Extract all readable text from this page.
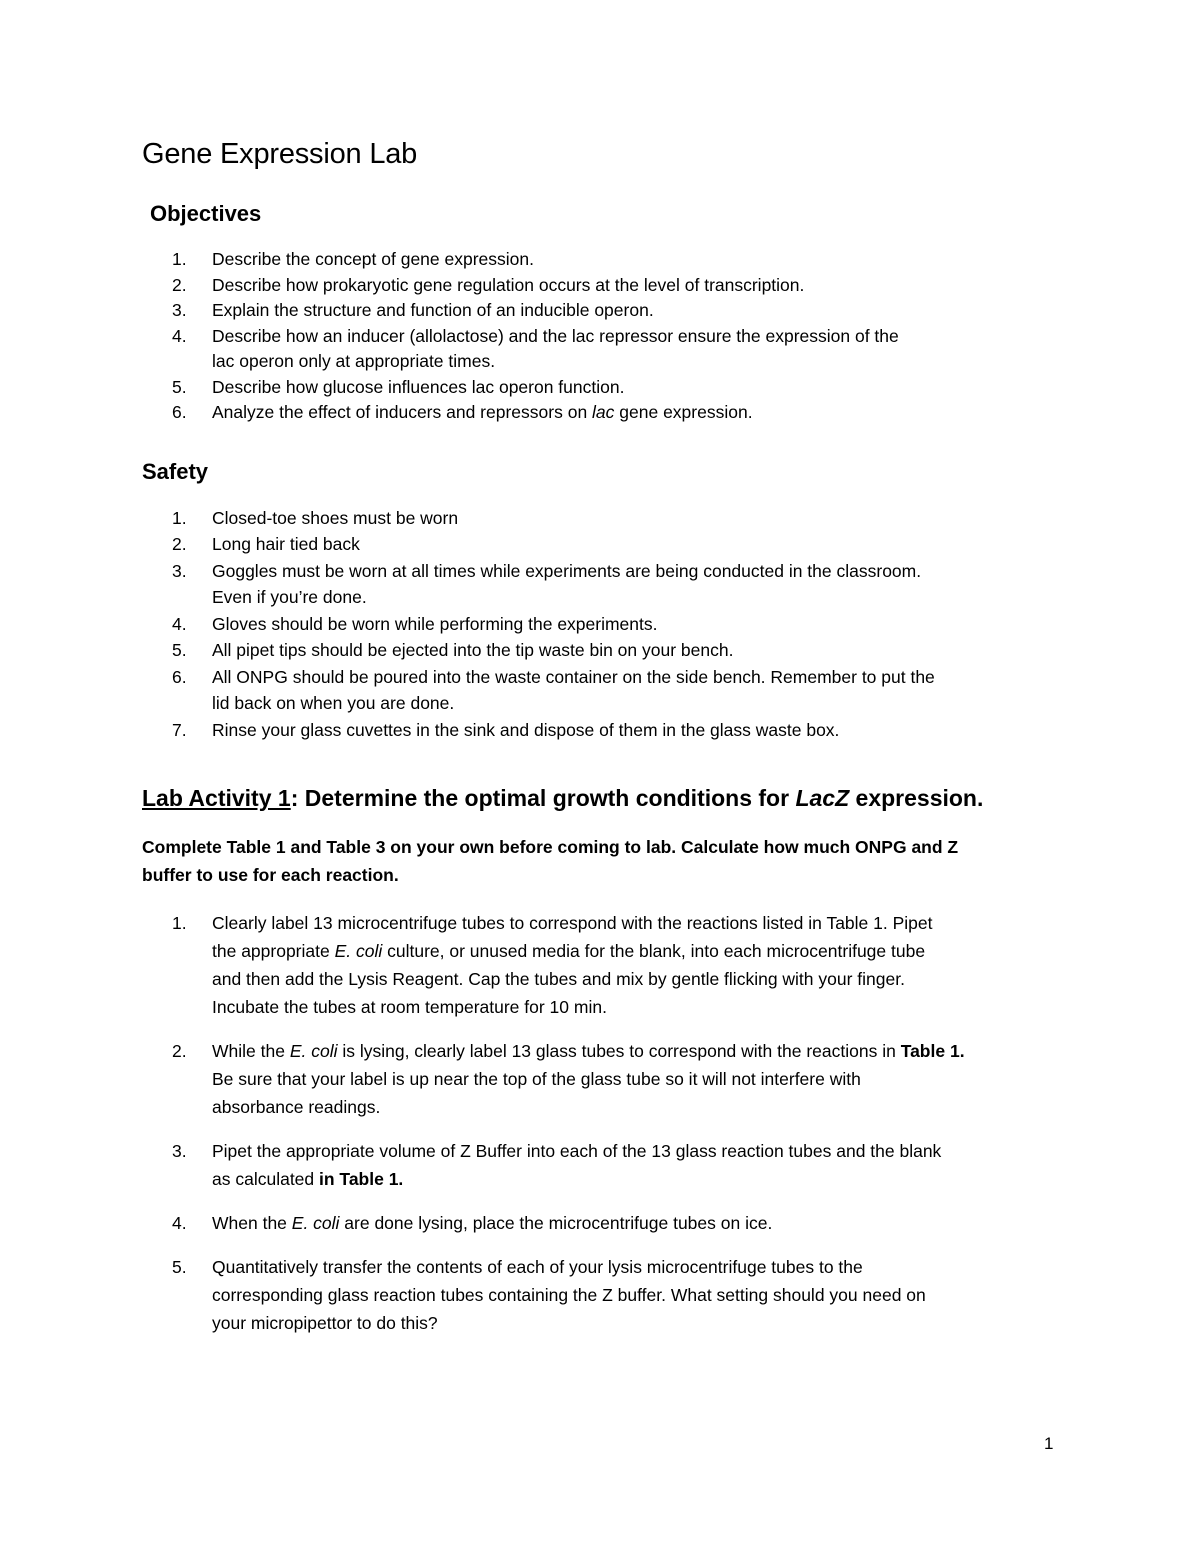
Gene Expression Lab
Objectives
1. Describe the concept of gene expression.
2. Describe how prokaryotic gene regulation occurs at the level of transcription.
3. Explain the structure and function of an inducible operon.
4. Describe how an inducer (allolactose) and the lac repressor ensure the expression of the
lac operon only at appropriate times.
5. Describe how glucose influences lac operon function.
6. Analyze the effect of inducers and repressors on lac gene expression.
Safety
1. Closed-toe shoes must be worn
2. Long hair tied back
3. Goggles must be worn at all times while experiments are being conducted in the classroom.
Even if you’re done.
4. Gloves should be worn while performing the experiments.
5. All pipet tips should be ejected into the tip waste bin on your bench.
6. All ONPG should be poured into the waste container on the side bench. Remember to put the
lid back on when you are done.
7. Rinse your glass cuvettes in the sink and dispose of them in the glass waste box.
Lab Activity 1: Determine the optimal growth conditions for LacZ expression.

Complete Table 1 and Table 3 on your own before coming to lab. Calculate how much ONPG and Z
buffer to use for each reaction.

1. Clearly label 13 microcentrifuge tubes to correspond with the reactions listed in Table 1. Pipet
the appropriate E. coli culture, or unused media for the blank, into each microcentrifuge tube
and then add the Lysis Reagent. Cap the tubes and mix by gentle flicking with your finger.
Incubate the tubes at room temperature for 10 min.
2. While the E. coli is lysing, clearly label 13 glass tubes to correspond with the reactions in Table 1.
Be sure that your label is up near the top of the glass tube so it will not interfere with
absorbance readings.
3. Pipet the appropriate volume of Z Buffer into each of the 13 glass reaction tubes and the blank
as calculated in Table 1.
4. When the E. coli are done lysing, place the microcentrifuge tubes on ice.
5. Quantitatively transfer the contents of each of your lysis microcentrifuge tubes to the
corresponding glass reaction tubes containing the Z buffer. What setting should you need on
your micropipettor to do this?
1
